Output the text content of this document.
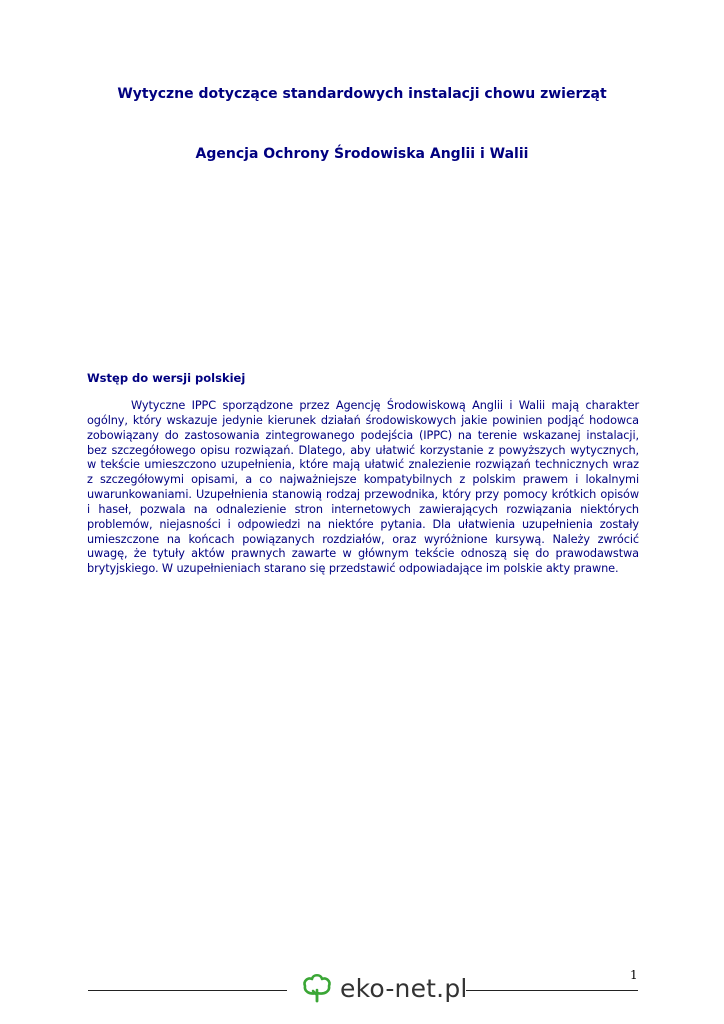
Wytyczne dotyczące standardowych instalacji chowu zwierząt
Agencja Ochrony Środowiska Anglii i Walii
Wstęp do wersji polskiej

Wytyczne IPPC sporządzone przez Agencję Środowiskową Anglii i Walii mają charakter ogólny, który wskazuje jedynie kierunek działań środowiskowych jakie powinien podjąć hodowca zobowiązany do zastosowania zintegrowanego podejścia (IPPC) na terenie wskazanej instalacji, bez szczegółowego opisu rozwiązań. Dlatego, aby ułatwić korzystanie z powyższych wytycznych, w tekście umieszczono uzupełnienia, które mają ułatwić znalezienie rozwiązań technicznych wraz z szczegółowymi opisami, a co najważniejsze kompatybilnych z polskim prawem i lokalnymi uwarunkowaniami. Uzupełnienia stanowią rodzaj przewodnika, który przy pomocy krótkich opisów i haseł, pozwala na odnalezienie stron internetowych zawierających rozwiązania niektórych problemów, niejasności i odpowiedzi na niektóre pytania. Dla ułatwienia uzupełnienia zostały umieszczone na końcach powiązanych rozdziałów, oraz wyróżnione kursywą. Należy zwrócić uwagę, że tytuły aktów prawnych zawarte w głównym tekście odnoszą się do prawodawstwa brytyjskiego. W uzupełnieniach starano się przedstawić odpowiadające im polskie akty prawne.

1
eko-net.pl
